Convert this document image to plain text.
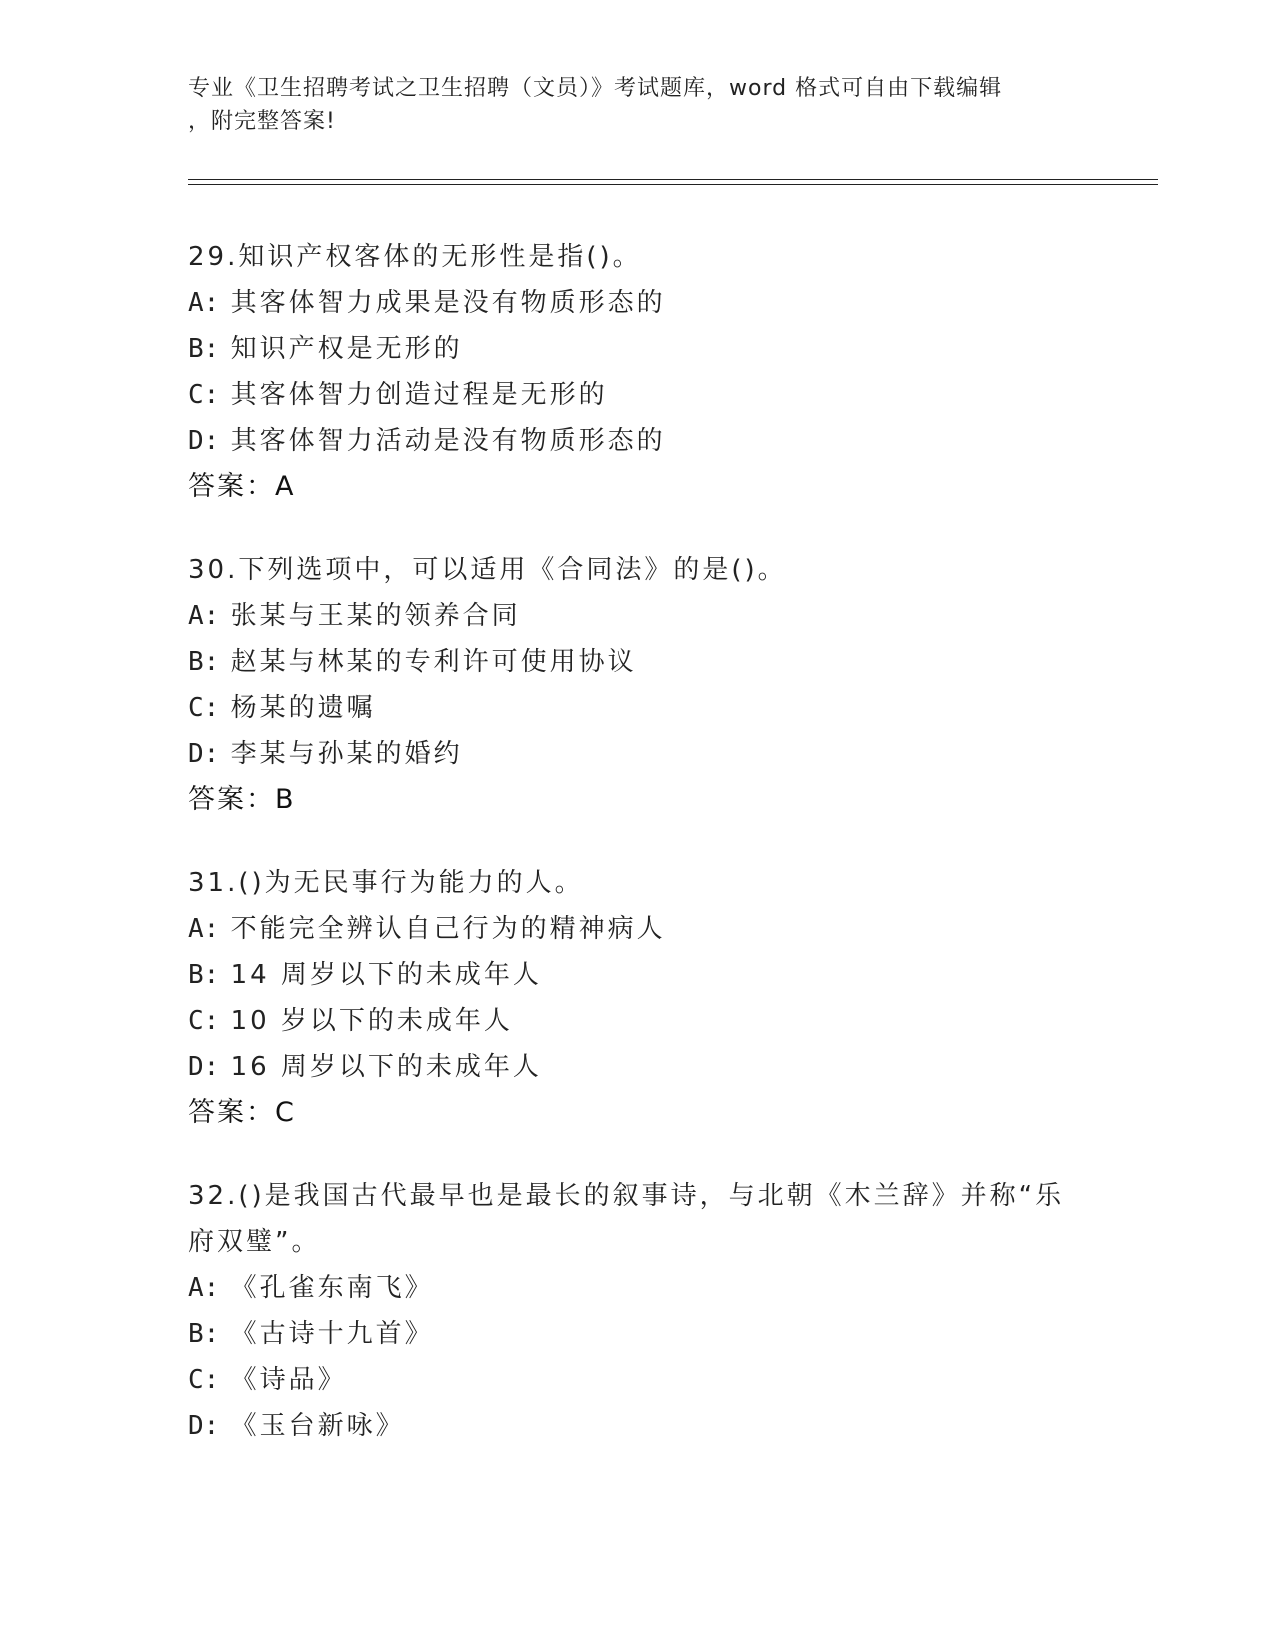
专业《卫生招聘考试之卫生招聘（文员）》考试题库，word 格式可自由下载编辑
，附完整答案!
29.知识产权客体的无形性是指()。
A: 其客体智力成果是没有物质形态的
B: 知识产权是无形的
C: 其客体智力创造过程是无形的
D: 其客体智力活动是没有物质形态的
答案：A
30.下列选项中，可以适用《合同法》的是()。
A: 张某与王某的领养合同
B: 赵某与林某的专利许可使用协议
C: 杨某的遗嘱
D: 李某与孙某的婚约
答案：B
31.()为无民事行为能力的人。
A: 不能完全辨认自己行为的精神病人
B: 14 周岁以下的未成年人
C: 10 岁以下的未成年人
D: 16 周岁以下的未成年人
答案：C
32.()是我国古代最早也是最长的叙事诗，与北朝《木兰辞》并称“乐
府双璧”。
A: 《孔雀东南飞》
B: 《古诗十九首》
C: 《诗品》
D: 《玉台新咏》
